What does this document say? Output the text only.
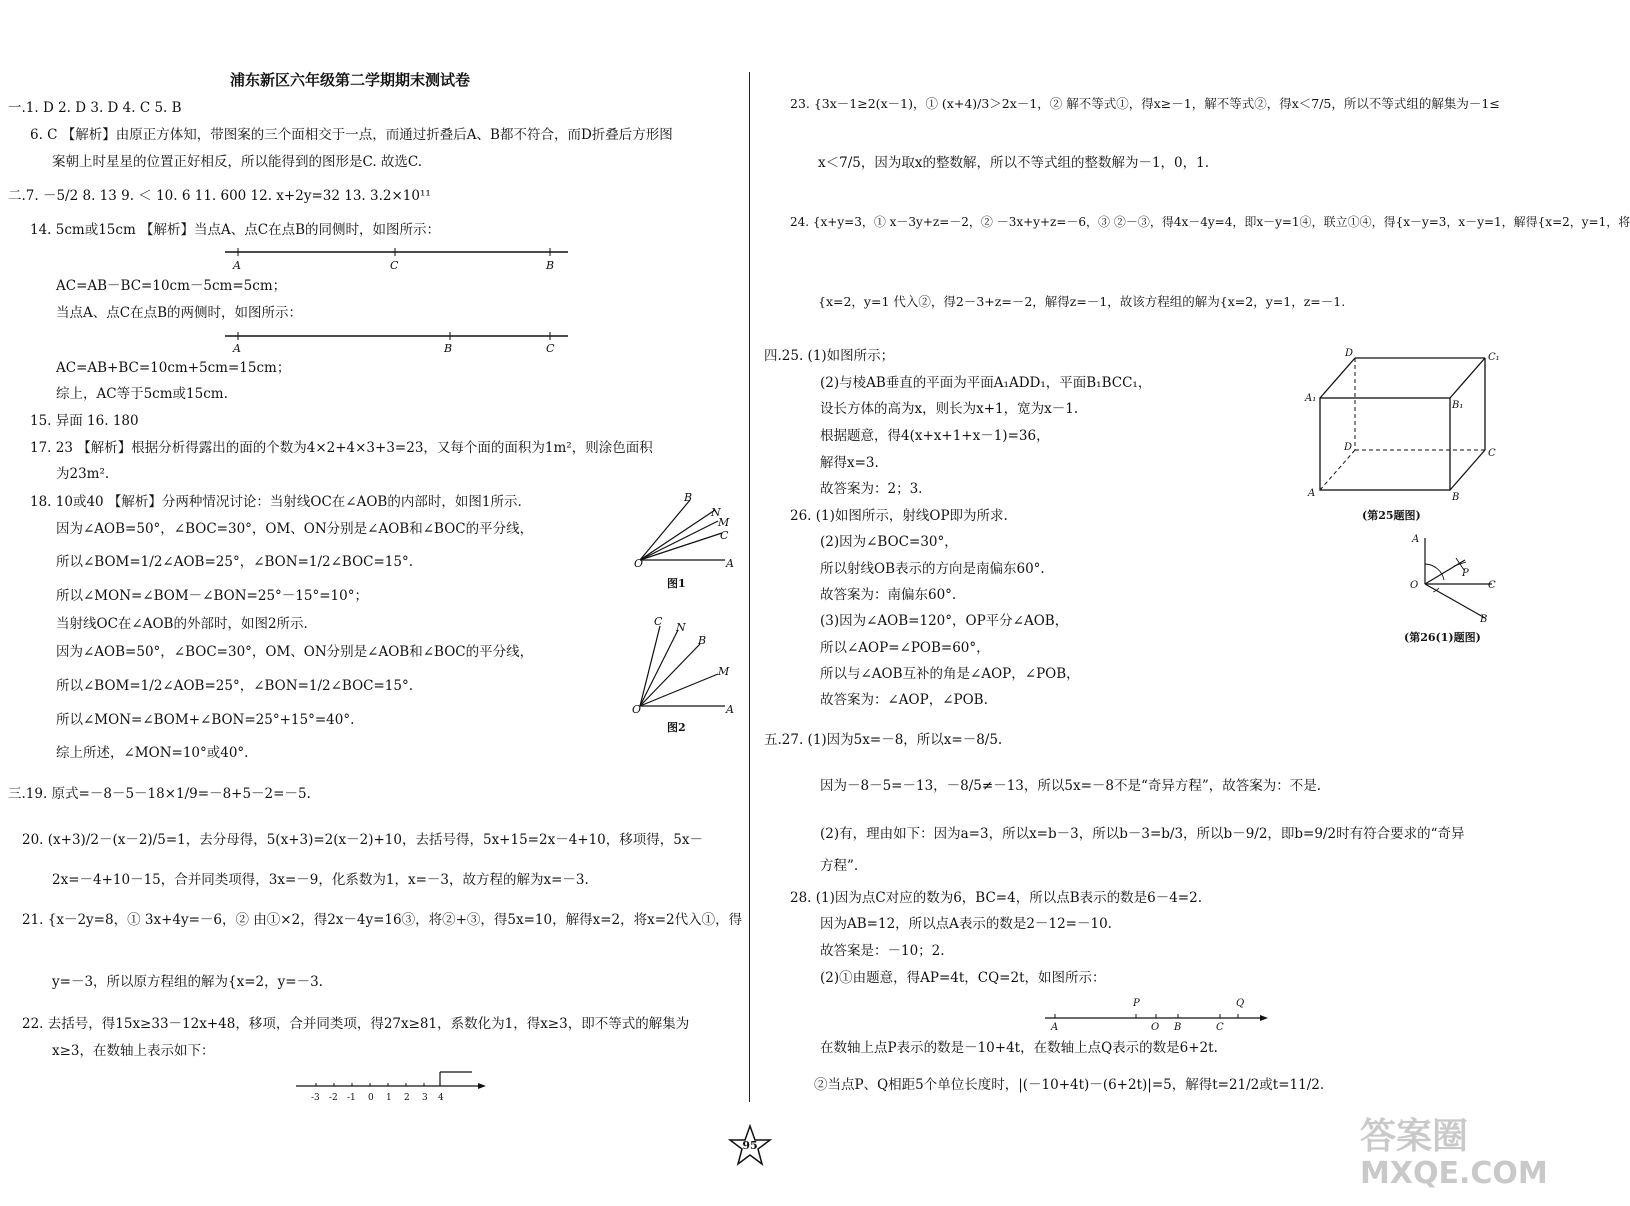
浦东新区六年级第二学期期末测试卷
一.1. D 2. D 3. D 4. C 5. B
6. C 【解析】由原正方体知，带图案的三个面相交于一点，而通过折叠后A、B都不符合，而D折叠后方形图
案朝上时星星的位置正好相反，所以能得到的图形是C. 故选C.
二.7. －5/2 8. 13 9. ＜ 10. 6 11. 600 12. x+2y=32 13. 3.2×10¹¹
14. 5cm或15cm 【解析】当点A、点C在点B的同侧时，如图所示：
AC=AB－BC=10cm－5cm=5cm；
当点A、点C在点B的两侧时，如图所示：
AC=AB+BC=10cm+5cm=15cm；
综上，AC等于5cm或15cm.
15. 异面 16. 180
17. 23 【解析】根据分析得露出的面的个数为4×2+4×3+3=23，又每个面的面积为1m²，则涂色面积
为23m².
18. 10或40 【解析】分两种情况讨论：当射线OC在∠AOB的内部时，如图1所示.
因为∠AOB=50°，∠BOC=30°，OM、ON分别是∠AOB和∠BOC的平分线，
所以∠BOM=1/2∠AOB=25°，∠BON=1/2∠BOC=15°.
所以∠MON=∠BOM－∠BON=25°－15°=10°；
当射线OC在∠AOB的外部时，如图2所示.
因为∠AOB=50°，∠BOC=30°，OM、ON分别是∠AOB和∠BOC的平分线，
所以∠BOM=1/2∠AOB=25°，∠BON=1/2∠BOC=15°.
所以∠MON=∠BOM+∠BON=25°+15°=40°.
综上所述，∠MON=10°或40°.
三.19. 原式=－8－5－18×1/9=－8+5－2=－5.
20. (x+3)/2－(x－2)/5=1，去分母得，5(x+3)=2(x－2)+10，去括号得，5x+15=2x－4+10，移项得，5x－
2x=－4+10－15，合并同类项得，3x=－9，化系数为1，x=－3，故方程的解为x=－3.
21. {x－2y=8，① 3x+4y=－6，② 由①×2，得2x－4y=16③，将②+③，得5x=10，解得x=2，将x=2代入①，得
y=－3，所以原方程组的解为{x=2，y=－3.
22. 去括号，得15x≥33－12x+48，移项，合并同类项，得27x≥81，系数化为1，得x≥3，即不等式的解集为
x≥3，在数轴上表示如下：
A	C	B
A	B	C
B
N
M
C
O	A
图1
C N
B
M
O	A
图2
-3 -2 -1 0 1 2 3 4
23. {3x－1≥2(x－1)，① (x+4)/3＞2x－1，② 解不等式①，得x≥－1，解不等式②，得x＜7/5，所以不等式组的解集为－1≤
x＜7/5，因为取x的整数解，所以不等式组的整数解为－1，0，1.
24. {x+y=3，① x－3y+z=－2，② －3x+y+z=－6，③ ②－③，得4x－4y=4，即x－y=1④，联立①④，得{x－y=3，x－y=1，解得{x=2，y=1，将
{x=2，y=1 代入②，得2－3+z=－2，解得z=－1，故该方程组的解为{x=2，y=1，z=－1.
四.25. (1)如图所示；
(2)与棱AB垂直的平面为平面A₁ADD₁，平面B₁BCC₁，
设长方体的高为x，则长为x+1，宽为x－1.
根据题意，得4(x+x+1+x－1)=36，
解得x=3.
故答案为：2；3.
26. (1)如图所示，射线OP即为所求.
(2)因为∠BOC=30°，
所以射线OB表示的方向是南偏东60°.
故答案为：南偏东60°.
(3)因为∠AOB=120°，OP平分∠AOB，
所以∠AOP=∠POB=60°，
所以与∠AOB互补的角是∠AOP，∠POB，
故答案为：∠AOP，∠POB.
五.27. (1)因为5x=－8，所以x=－8/5.
因为－8－5=－13，－8/5≠－13，所以5x=－8不是“奇异方程”，故答案为：不是.
(2)有，理由如下：因为a=3，所以x=b－3，所以b－3=b/3，所以b－9/2，即b=9/2时有符合要求的“奇异
方程”.
28. (1)因为点C对应的数为6，BC=4，所以点B表示的数是6－4=2.
因为AB=12，所以点A表示的数是2－12=－10.
故答案是：－10；2.
(2)①由题意，得AP=4t，CQ=2t，如图所示：
在数轴上点P表示的数是－10+4t，在数轴上点Q表示的数是6+2t.
②当点P、Q相距5个单位长度时，|(－10+4t)－(6+2t)|=5，解得t=21/2或t=11/2.
D	C₁
A₁
B₁
D
C
A	B
(第25题图)
A
O
P
C
B
(第26(1)题图)
P	Q
A	O B	C
95	答案圈
MXQE.COM
